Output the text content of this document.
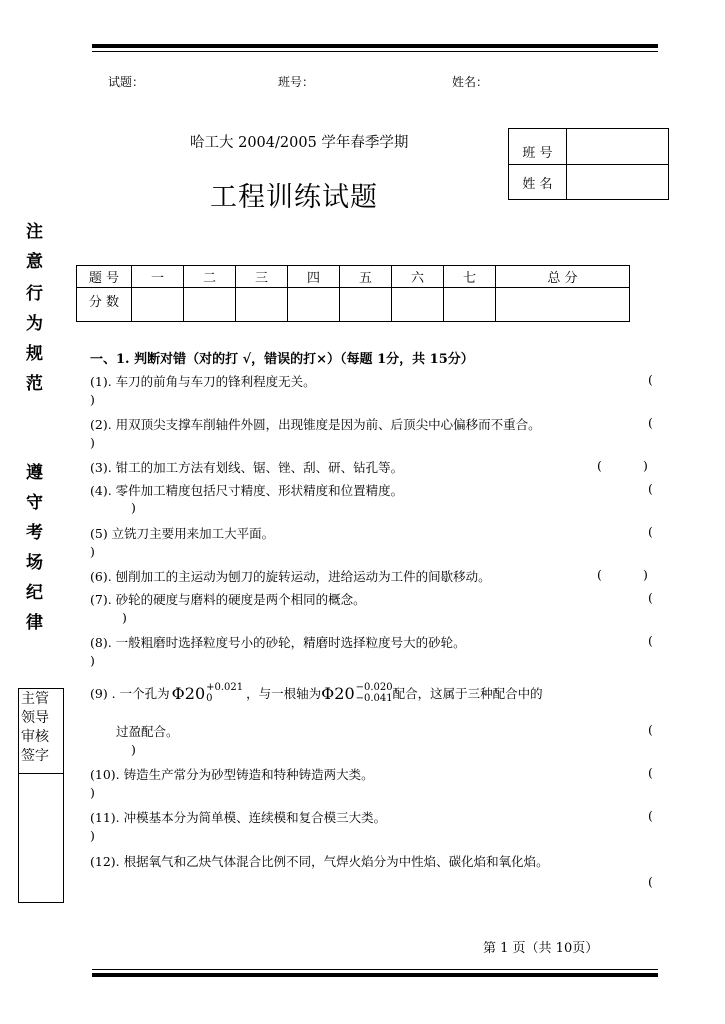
试题：	班号：	姓名：
哈工大 2004/2005 学年春季学期
工程训练试题
班 号	
姓 名	
注
意
行
为
规
范
遵
守
考
场
纪
律
主管
领导
审核
签字
题 号	一	二	三	四	五	六	七	总 分
分 数								
一、1. 判断对错（对的打 √，错误的打×）（每题 1分，共 15分）
(1). 车刀的前角与车刀的锋利程度无关。	(
)
(2). 用双顶尖支撑车削轴件外圆，出现锥度是因为前、后顶尖中心偏移而不重合。	(
)
(3). 钳工的加工方法有划线、锯、锉、刮、研、钻孔等。	(	)
(4). 零件加工精度包括尺寸精度、形状精度和位置精度。	(
)
(5) 立铣刀主要用来加工大平面。	(
)
(6). 刨削加工的主运动为刨刀的旋转运动，进给运动为工件的间歇移动。	(	)
(7). 砂轮的硬度与磨料的硬度是两个相同的概念。	(
)
(8). 一般粗磨时选择粒度号小的砂轮，精磨时选择粒度号大的砂轮。	(
)
(9) . 一个孔为 Φ20 +0.021
0	，与一根轴为 Φ20 −0.020
−0.041 配合，这属于三种配合中的
过盈配合。	(
)
(10). 铸造生产常分为砂型铸造和特种铸造两大类。	(
)
(11). 冲模基本分为简单模、连续模和复合模三大类。	(
)
(12). 根据氧气和乙炔气体混合比例不同，气焊火焰分为中性焰、碳化焰和氧化焰。
(
第 1 页（共 10页）
